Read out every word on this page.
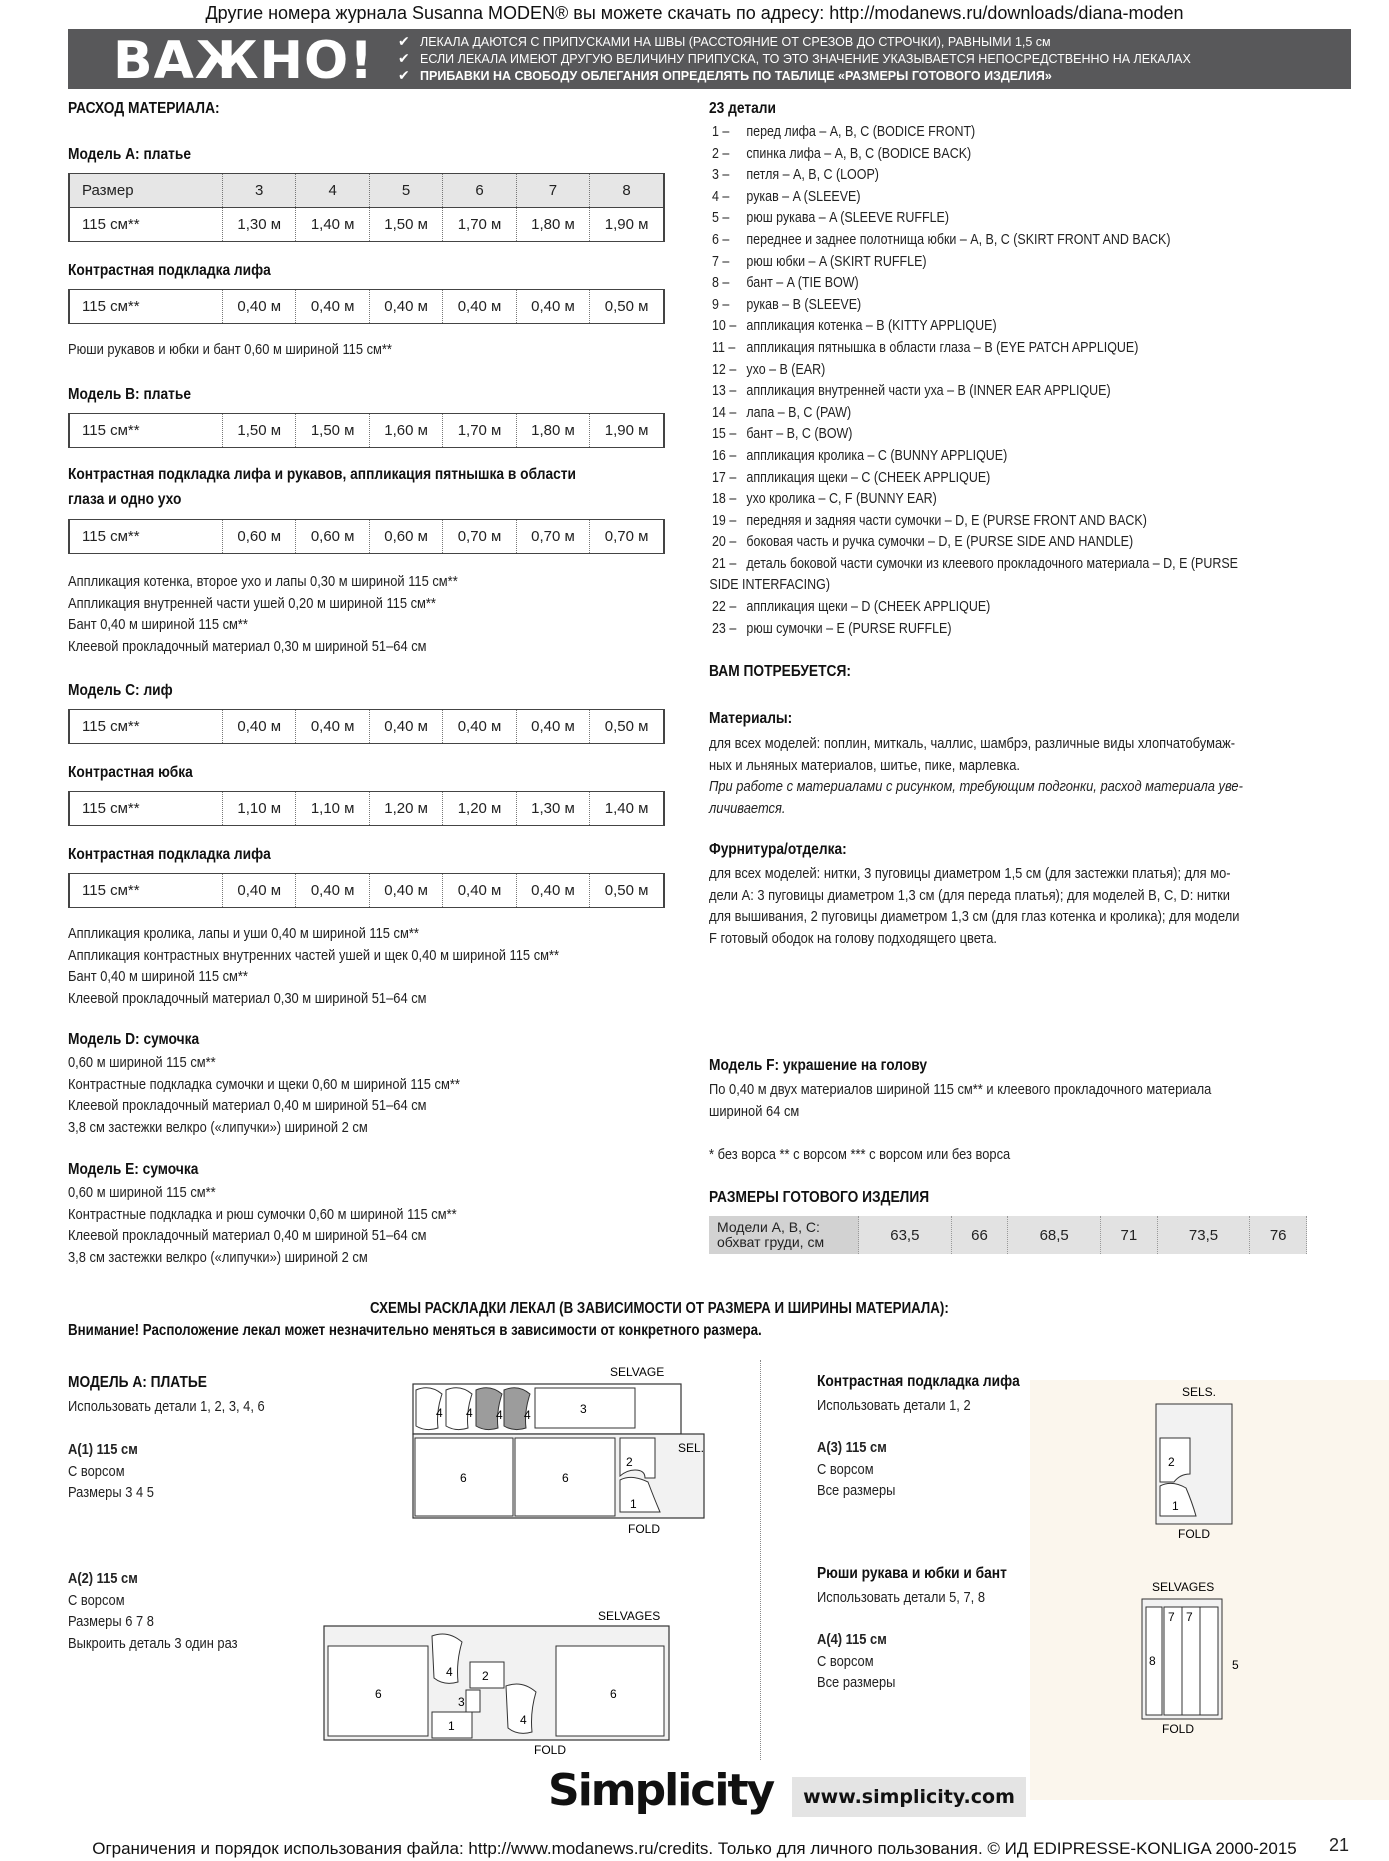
Другие номера журнала Susanna MODEN® вы можете скачать по адресу: http://modanews.ru/downloads/diana-moden
ВАЖНО! ✔ ЛЕКАЛА ДАЮТСЯ С ПРИПУСКАМИ НА ШВЫ (РАССТОЯНИЕ ОТ СРЕЗОВ ДО СТРОЧКИ), РАВНЫМИ 1,5 см
✔ ЕСЛИ ЛЕКАЛА ИМЕЮТ ДРУГУЮ ВЕЛИЧИНУ ПРИПУСКА, ТО ЭТО ЗНАЧЕНИЕ УКАЗЫВАЕТСЯ НЕПОСРЕДСТВЕННО НА ЛЕКАЛАХ
✔ ПРИБАВКИ НА СВОБОДУ ОБЛЕГАНИЯ ОПРЕДЕЛЯТЬ ПО ТАБЛИЦЕ «РАЗМЕРЫ ГОТОВОГО ИЗДЕЛИЯ»
РАСХОД МАТЕРИАЛА:
Модель А: платье
Размер	3	4	5	6	7	8
115 см**	1,30 м	1,40 м	1,50 м	1,70 м	1,80 м	1,90 м
Контрастная подкладка лифа
115 см**	0,40 м	0,40 м	0,40 м	0,40 м	0,40 м	0,50 м
Рюши рукавов и юбки и бант 0,60 м шириной 115 см**
Модель B: платье
115 см**	1,50 м	1,50 м	1,60 м	1,70 м	1,80 м	1,90 м
Контрастная подкладка лифа и рукавов, аппликация пятнышка в области
глаза и одно ухо
115 см**	0,60 м	0,60 м	0,60 м	0,70 м	0,70 м	0,70 м
Аппликация котенка, второе ухо и лапы 0,30 м шириной 115 см**
Аппликация внутренней части ушей 0,20 м шириной 115 см**
Бант 0,40 м шириной 115 см**
Клеевой прокладочный материал 0,30 м шириной 51–64 см
Модель C: лиф
115 см**	0,40 м	0,40 м	0,40 м	0,40 м	0,40 м	0,50 м
Контрастная юбка
115 см**	1,10 м	1,10 м	1,20 м	1,20 м	1,30 м	1,40 м
Контрастная подкладка лифа
115 см**	0,40 м	0,40 м	0,40 м	0,40 м	0,40 м	0,50 м
Аппликация кролика, лапы и уши 0,40 м шириной 115 см**
Аппликация контрастных внутренних частей ушей и щек 0,40 м шириной 115 см**
Бант 0,40 м шириной 115 см**
Клеевой прокладочный материал 0,30 м шириной 51–64 см
Модель D: сумочка
0,60 м шириной 115 см**
Контрастные подкладка сумочки и щеки 0,60 м шириной 115 см**
Клеевой прокладочный материал 0,40 м шириной 51–64 см
3,8 см застежки велкро («липучки») шириной 2 см
Модель E: сумочка
0,60 м шириной 115 см**
Контрастные подкладка и рюш сумочки 0,60 м шириной 115 см**
Клеевой прокладочный материал 0,40 м шириной 51–64 см
3,8 см застежки велкро («липучки») шириной 2 см
23 детали
1 – перед лифа – A, B, C (BODICE FRONT)
2 – спинка лифа – A, B, C (BODICE BACK)
3 – петля – A, B, C (LOOP)
4 – рукав – A (SLEEVE)
5 – рюш рукава – A (SLEEVE RUFFLE)
6 – переднее и заднее полотнища юбки – A, B, C (SKIRT FRONT AND BACK)
7 – рюш юбки – A (SKIRT RUFFLE)
8 – бант – A (TIE BOW)
9 – рукав – B (SLEEVE)
10 – аппликация котенка – B (KITTY APPLIQUE)
11 – аппликация пятнышка в области глаза – B (EYE PATCH APPLIQUE)
12 – ухо – B (EAR)
13 – аппликация внутренней части уха – B (INNER EAR APPLIQUE)
14 – лапа – B, C (PAW)
15 – бант – B, C (BOW)
16 – аппликация кролика – C (BUNNY APPLIQUE)
17 – аппликация щеки – C (CHEEK APPLIQUE)
18 – ухо кролика – C, F (BUNNY EAR)
19 – передняя и задняя части сумочки – D, E (PURSE FRONT AND BACK)
20 – боковая часть и ручка сумочки – D, E (PURSE SIDE AND HANDLE)
21 – деталь боковой части сумочки из клеевого прокладочного материала – D, E (PURSE
SIDE INTERFACING)
22 – аппликация щеки – D (CHEEK APPLIQUE)
23 – рюш сумочки – E (PURSE RUFFLE)
ВАМ ПОТРЕБУЕТСЯ:
Материалы:
для всех моделей: поплин, миткаль, чаллис, шамбрэ, различные виды хлопчатобумаж-
ных и льняных материалов, шитье, пике, марлевка.
При работе с материалами с рисунком, требующим подгонки, расход материала уве-
личивается.
Фурнитура/отделка:
для всех моделей: нитки, 3 пуговицы диаметром 1,5 см (для застежки платья); для мо-
дели A: 3 пуговицы диаметром 1,3 см (для переда платья); для моделей B, C, D: нитки
для вышивания, 2 пуговицы диаметром 1,3 см (для глаз котенка и кролика); для модели
F готовый ободок на голову подходящего цвета.
Модель F: украшение на голову
По 0,40 м двух материалов шириной 115 см** и клеевого прокладочного материала
шириной 64 см
* без ворса ** с ворсом *** с ворсом или без ворса
РАЗМЕРЫ ГОТОВОГО ИЗДЕЛИЯ
Модели A, B, C:
обхват груди, см	63,5	66	68,5	71	73,5	76
СХЕМЫ РАСКЛАДКИ ЛЕКАЛ (В ЗАВИСИМОСТИ ОТ РАЗМЕРА И ШИРИНЫ МАТЕРИАЛА):
Внимание! Расположение лекал может незначительно меняться в зависимости от конкретного размера.
МОДЕЛЬ A: ПЛАТЬЕ
Использовать детали 1, 2, 3, 4, 6
A(1) 115 см
С ворсом
Размеры 3 4 5
A(2) 115 см
С ворсом
Размеры 6 7 8
Выкроить деталь 3 один раз
SELVAGE
4 4 4 4	3
6	6
2
1
SEL.
FOLD
SELVAGES
6	6
4 2
3
4
1
FOLD
Контрастная подкладка лифа
Использовать детали 1, 2
A(3) 115 см
С ворсом
Все размеры
SELS.
2
1
FOLD
Рюши рукава и юбки и бант
Использовать детали 5, 7, 8
A(4) 115 см
С ворсом
Все размеры
SELVAGES
8
7 7
5
FOLD
Simplicity	www.simplicity.com
21
Ограничения и порядок использования файла: http://www.modanews.ru/credits. Только для личного пользования. © ИД EDIPRESSE-KONLIGA 2000-2015
